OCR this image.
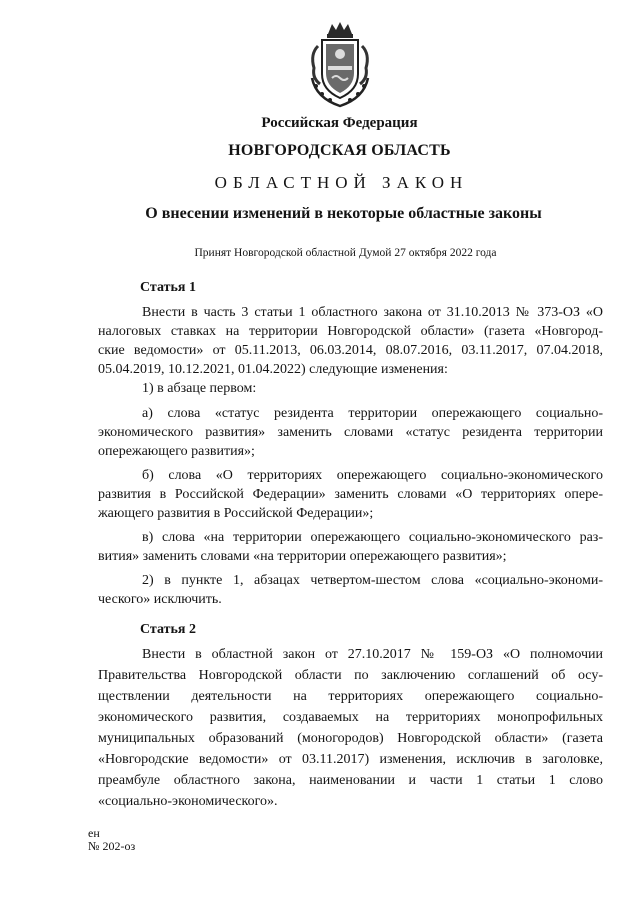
Российская Федерация
НОВГОРОДСКАЯ ОБЛАСТЬ
ОБЛАСТНОЙ ЗАКОН
О внесении изменений в некоторые областные законы
Принят Новгородской областной Думой 27 октября 2022 года
Статья 1
Внести в часть 3 статьи 1 областного закона от 31.10.2013 № 373-ОЗ «О
налоговых ставках на территории Новгородской области» (газета «Новгород-
ские ведомости» от 05.11.2013, 06.03.2014, 08.07.2016, 03.11.2017, 07.04.2018,
05.04.2019, 10.12.2021, 01.04.2022) следующие изменения:
1) в абзаце первом:
а) слова «статус резидента территории опережающего социально-
экономического развития» заменить словами «статус резидента территории
опережающего развития»;
б) слова «О территориях опережающего социально-экономического
развития в Российской Федерации» заменить словами «О территориях опере-
жающего развития в Российской Федерации»;
в) слова «на территории опережающего социально-экономического раз-
вития» заменить словами «на территории опережающего развития»;
2) в пункте 1, абзацах четвертом-шестом слова «социально-экономи-
ческого» исключить.
Статья 2
Внести в областной закон от 27.10.2017 № 159-ОЗ «О полномочии
Правительства Новгородской области по заключению соглашений об осу-
ществлении деятельности на территориях опережающего социально-
экономического развития, создаваемых на территориях монопрофильных
муниципальных образований (моногородов) Новгородской области» (газета
«Новгородские ведомости» от 03.11.2017) изменения, исключив в заголовке,
преамбуле областного закона, наименовании и части 1 статьи 1 слово
«социально-экономического».
ен
№ 202-оз
